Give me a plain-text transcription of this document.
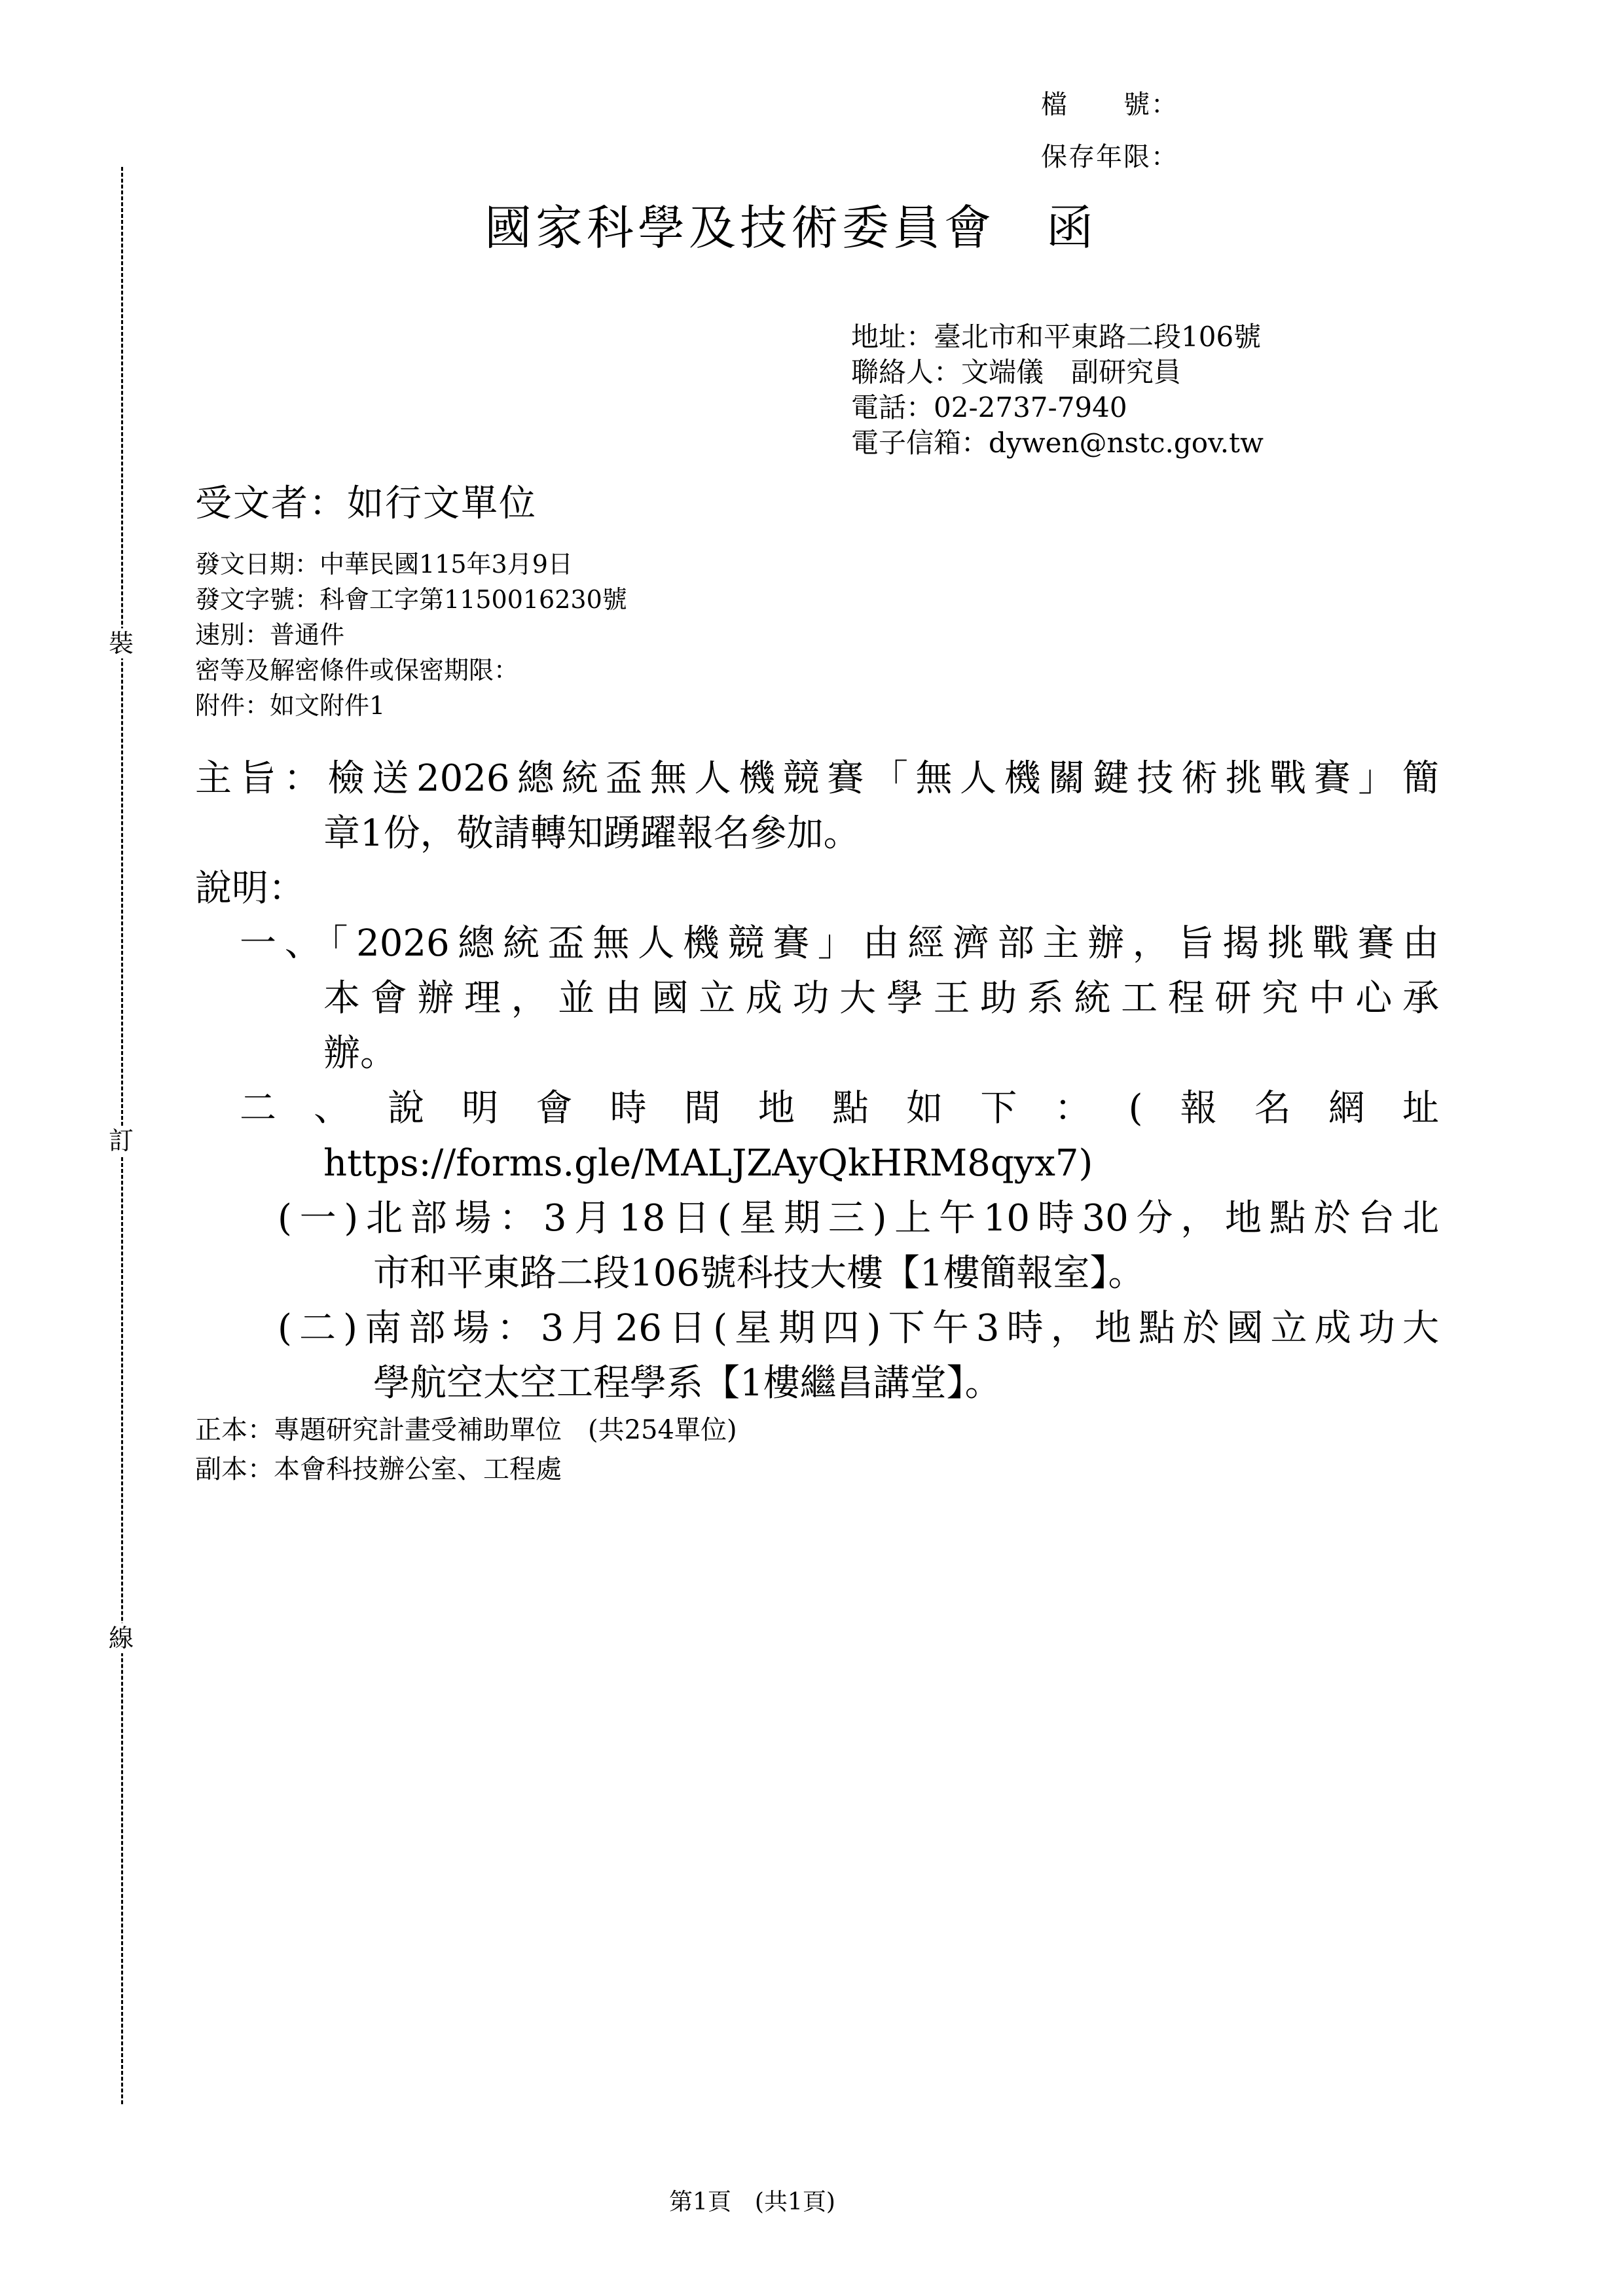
裝
訂
線
檔　　號：
保存年限：
國家科學及技術委員會　函
地址：臺北市和平東路二段106號
聯絡人：文端儀　副研究員
電話：02-2737-7940
電子信箱：dywen@nstc.gov.tw
受文者：如行文單位
發文日期：中華民國115年3月9日
發文字號：科會工字第1150016230號
速別：普通件
密等及解密條件或保密期限：
附件：如文附件1
主旨：檢送2026總統盃無人機競賽「無人機關鍵技術挑戰賽」簡
章1份，敬請轉知踴躍報名參加。
說明：
一、「2026總統盃無人機競賽」由經濟部主辦，旨揭挑戰賽由
本會辦理，並由國立成功大學王助系統工程研究中心承
辦。
二、說明會時間地點如下：(報名網址
https://forms.gle/MALJZAyQkHRM8qyx7)
(一)北部場：3月18日(星期三)上午10時30分，地點於台北
市和平東路二段106號科技大樓【1樓簡報室】。
(二)南部場：3月26日(星期四)下午3時，地點於國立成功大
學航空太空工程學系【1樓繼昌講堂】。
正本：專題研究計畫受補助單位　(共254單位)
副本：本會科技辦公室、工程處
第1頁　(共1頁)
